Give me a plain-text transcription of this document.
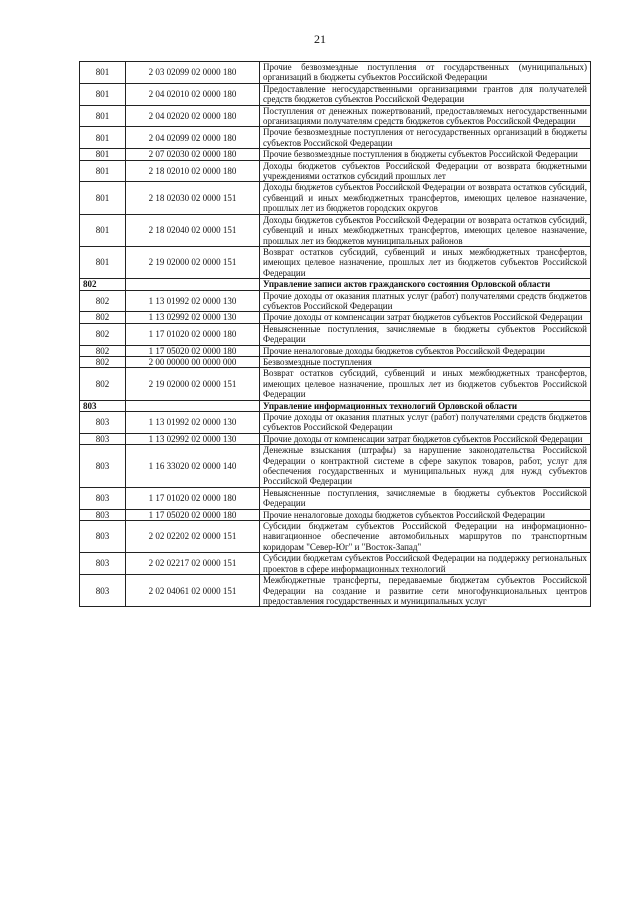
21
801	2 03 02099 02 0000 180	Прочие безвозмездные поступления от государственных (муниципальных) организаций в бюджеты субъектов Российской Федерации
801	2 04 02010 02 0000 180	Предоставление негосударственными организациями грантов для получателей средств бюджетов субъектов Российской Федерации
801	2 04 02020 02 0000 180	Поступления от денежных пожертвований, предоставляемых негосударственными организациями получателям средств бюджетов субъектов Российской Федерации
801	2 04 02099 02 0000 180	Прочие безвозмездные поступления от негосударственных организаций в бюджеты субъектов Российской Федерации
801	2 07 02030 02 0000 180	Прочие безвозмездные поступления в бюджеты субъектов Российской Федерации
801	2 18 02010 02 0000 180	Доходы бюджетов субъектов Российской Федерации от возврата бюджетными учреждениями остатков субсидий прошлых лет
801	2 18 02030 02 0000 151	Доходы бюджетов субъектов Российской Федерации от возврата остатков субсидий, субвенций и иных межбюджетных трансфертов, имеющих целевое назначение, прошлых лет из бюджетов городских округов
801	2 18 02040 02 0000 151	Доходы бюджетов субъектов Российской Федерации от возврата остатков субсидий, субвенций и иных межбюджетных трансфертов, имеющих целевое назначение, прошлых лет из бюджетов муниципальных районов
801	2 19 02000 02 0000 151	Возврат остатков субсидий, субвенций и иных межбюджетных трансфертов, имеющих целевое назначение, прошлых лет из бюджетов субъектов Российской Федерации
802		Управление записи актов гражданского состояния Орловской области
802	1 13 01992 02 0000 130	Прочие доходы от оказания платных услуг (работ) получателями средств бюджетов субъектов Российской Федерации
802	1 13 02992 02 0000 130	Прочие доходы от компенсации затрат бюджетов субъектов Российской Федерации
802	1 17 01020 02 0000 180	Невыясненные поступления, зачисляемые в бюджеты субъектов Российской Федерации
802	1 17 05020 02 0000 180	Прочие неналоговые доходы бюджетов субъектов Российской Федерации
802	2 00 00000 00 0000 000	Безвозмездные поступления
802	2 19 02000 02 0000 151	Возврат остатков субсидий, субвенций и иных межбюджетных трансфертов, имеющих целевое назначение, прошлых лет из бюджетов субъектов Российской Федерации
803		Управление информационных технологий Орловской области
803	1 13 01992 02 0000 130	Прочие доходы от оказания платных услуг (работ) получателями средств бюджетов субъектов Российской Федерации
803	1 13 02992 02 0000 130	Прочие доходы от компенсации затрат бюджетов субъектов Российской Федерации
803	1 16 33020 02 0000 140	Денежные взыскания (штрафы) за нарушение законодательства Российской Федерации о контрактной системе в сфере закупок товаров, работ, услуг для обеспечения государственных и муниципальных нужд для нужд субъектов Российской Федерации
803	1 17 01020 02 0000 180	Невыясненные поступления, зачисляемые в бюджеты субъектов Российской Федерации
803	1 17 05020 02 0000 180	Прочие неналоговые доходы бюджетов субъектов Российской Федерации
803	2 02 02202 02 0000 151	Субсидии бюджетам субъектов Российской Федерации на информационно-навигационное обеспечение автомобильных маршрутов по транспортным коридорам "Север-Юг" и "Восток-Запад"
803	2 02 02217 02 0000 151	Субсидии бюджетам субъектов Российской Федерации на поддержку региональных проектов в сфере информационных технологий
803	2 02 04061 02 0000 151	Межбюджетные трансферты, передаваемые бюджетам субъектов Российской Федерации на создание и развитие сети многофункциональных центров предоставления государственных и муниципальных услуг
